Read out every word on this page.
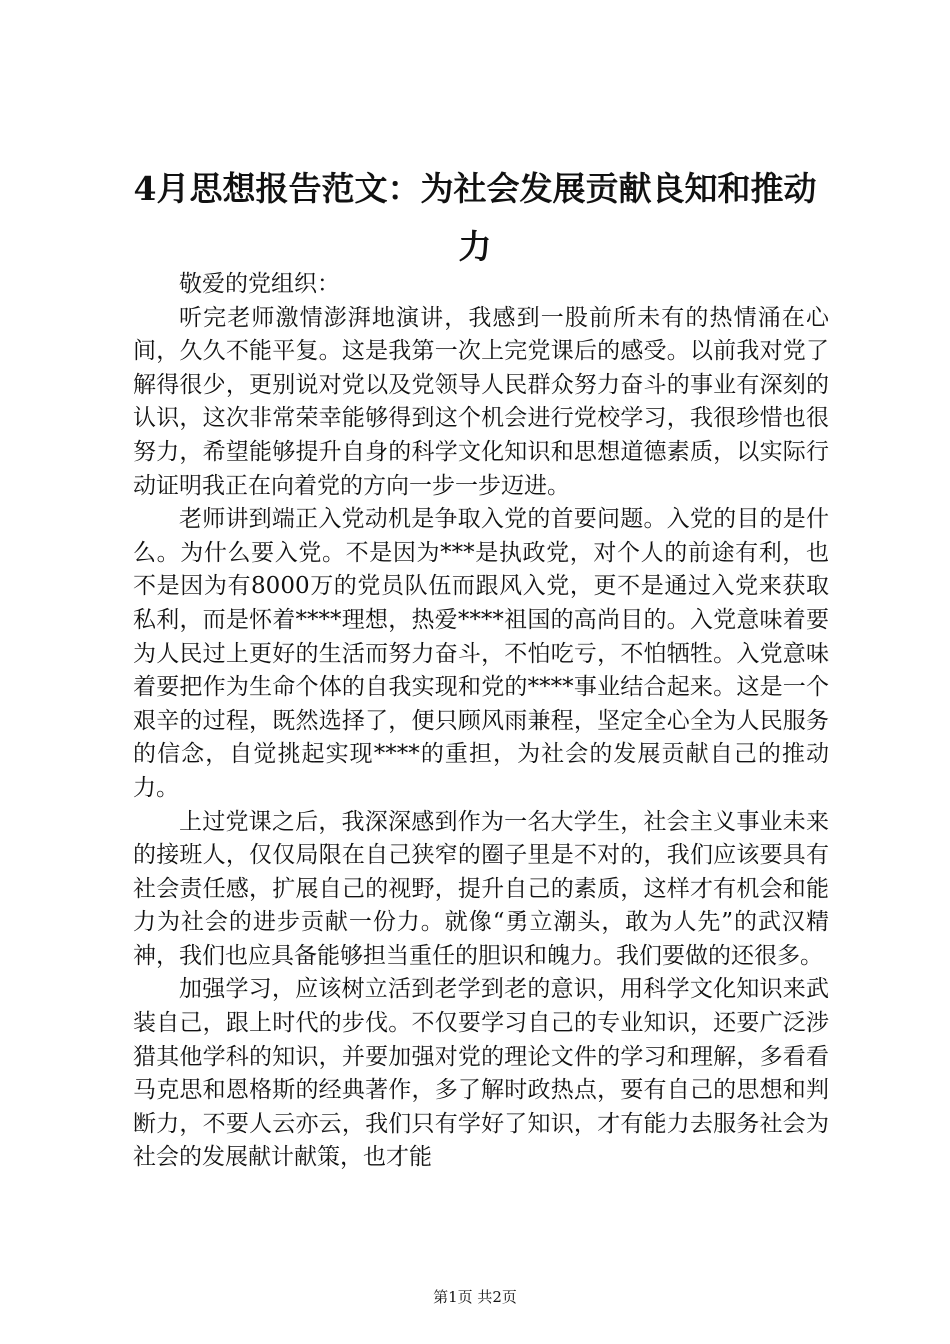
4月思想报告范文：为社会发展贡献良知和推动力

敬爱的党组织：

听完老师激情澎湃地演讲，我感到一股前所未有的热情涌在心间，久久不能平复。这是我第一次上完党课后的感受。以前我对党了解得很少，更别说对党以及党领导人民群众努力奋斗的事业有深刻的认识，这次非常荣幸能够得到这个机会进行党校学习，我很珍惜也很努力，希望能够提升自身的科学文化知识和思想道德素质，以实际行动证明我正在向着党的方向一步一步迈进。

老师讲到端正入党动机是争取入党的首要问题。入党的目的是什么。为什么要入党。不是因为***是执政党，对个人的前途有利，也不是因为有8000万的党员队伍而跟风入党，更不是通过入党来获取私利，而是怀着****理想，热爱****祖国的高尚目的。入党意味着要为人民过上更好的生活而努力奋斗，不怕吃亏，不怕牺牲。入党意味着要把作为生命个体的自我实现和党的****事业结合起来。这是一个艰辛的过程，既然选择了，便只顾风雨兼程，坚定全心全为人民服务的信念，自觉挑起实现****的重担，为社会的发展贡献自己的推动力。

上过党课之后，我深深感到作为一名大学生，社会主义事业未来的接班人，仅仅局限在自己狭窄的圈子里是不对的，我们应该要具有社会责任感，扩展自己的视野，提升自己的素质，这样才有机会和能力为社会的进步贡献一份力。就像“勇立潮头，敢为人先”的武汉精神，我们也应具备能够担当重任的胆识和魄力。我们要做的还很多。

加强学习，应该树立活到老学到老的意识，用科学文化知识来武装自己，跟上时代的步伐。不仅要学习自己的专业知识，还要广泛涉猎其他学科的知识，并要加强对党的理论文件的学习和理解，多看看马克思和恩格斯的经典著作，多了解时政热点，要有自己的思想和判断力，不要人云亦云，我们只有学好了知识，才有能力去服务社会为社会的发展献计献策，也才能

第1页 共2页
